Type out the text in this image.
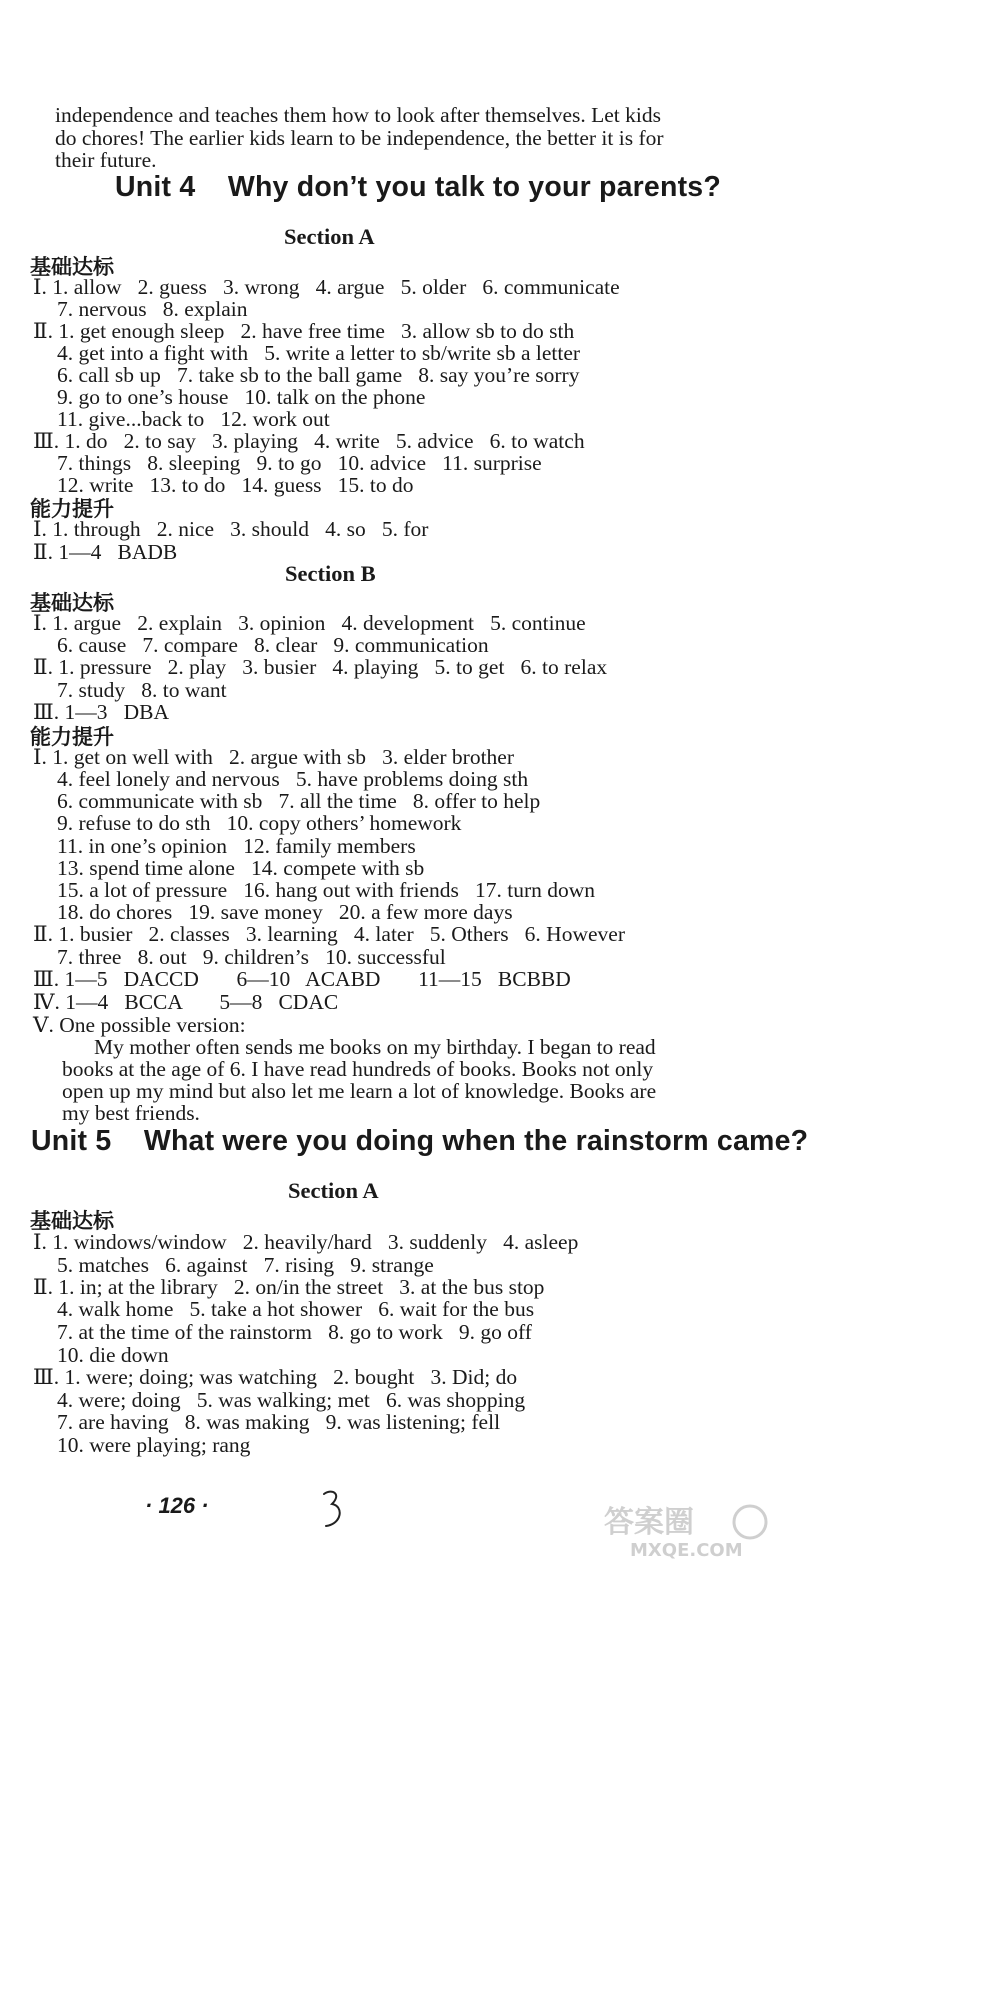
independence and teaches them how to look after themselves. Let kids
do chores! The earlier kids learn to be independence, the better it is for
their future.
Unit 4    Why don’t you talk to your parents?
Section A
基础达标
Ⅰ. 1. allow   2. guess   3. wrong   4. argue   5. older   6. communicate
7. nervous   8. explain
Ⅱ. 1. get enough sleep   2. have free time   3. allow sb to do sth
4. get into a fight with   5. write a letter to sb/write sb a letter
6. call sb up   7. take sb to the ball game   8. say you’re sorry
9. go to one’s house   10. talk on the phone
11. give...back to   12. work out
Ⅲ. 1. do   2. to say   3. playing   4. write   5. advice   6. to watch
7. things   8. sleeping   9. to go   10. advice   11. surprise
12. write   13. to do   14. guess   15. to do
能力提升
Ⅰ. 1. through   2. nice   3. should   4. so   5. for
Ⅱ. 1—4   BADB
Section B
基础达标
Ⅰ. 1. argue   2. explain   3. opinion   4. development   5. continue
6. cause   7. compare   8. clear   9. communication
Ⅱ. 1. pressure   2. play   3. busier   4. playing   5. to get   6. to relax
7. study   8. to want
Ⅲ. 1—3   DBA
能力提升
Ⅰ. 1. get on well with   2. argue with sb   3. elder brother
4. feel lonely and nervous   5. have problems doing sth
6. communicate with sb   7. all the time   8. offer to help
9. refuse to do sth   10. copy others’ homework
11. in one’s opinion   12. family members
13. spend time alone   14. compete with sb
15. a lot of pressure   16. hang out with friends   17. turn down
18. do chores   19. save money   20. a few more days
Ⅱ. 1. busier   2. classes   3. learning   4. later   5. Others   6. However
7. three   8. out   9. children’s   10. successful
Ⅲ. 1—5   DACCD       6—10   ACABD       11—15   BCBBD
Ⅳ. 1—4   BCCA       5—8   CDAC
Ⅴ. One possible version:
My mother often sends me books on my birthday. I began to read
books at the age of 6. I have read hundreds of books. Books not only
open up my mind but also let me learn a lot of knowledge. Books are
my best friends.
Unit 5    What were you doing when the rainstorm came?
Section A
基础达标
Ⅰ. 1. windows/window   2. heavily/hard   3. suddenly   4. asleep
5. matches   6. against   7. rising   9. strange
Ⅱ. 1. in; at the library   2. on/in the street   3. at the bus stop
4. walk home   5. take a hot shower   6. wait for the bus
7. at the time of the rainstorm   8. go to work   9. go off
10. die down
Ⅲ. 1. were; doing; was watching   2. bought   3. Did; do
4. were; doing   5. was walking; met   6. was shopping
7. are having   8. was making   9. was listening; fell
10. were playing; rang
· 126 ·	答案圈
MXQE.COM
